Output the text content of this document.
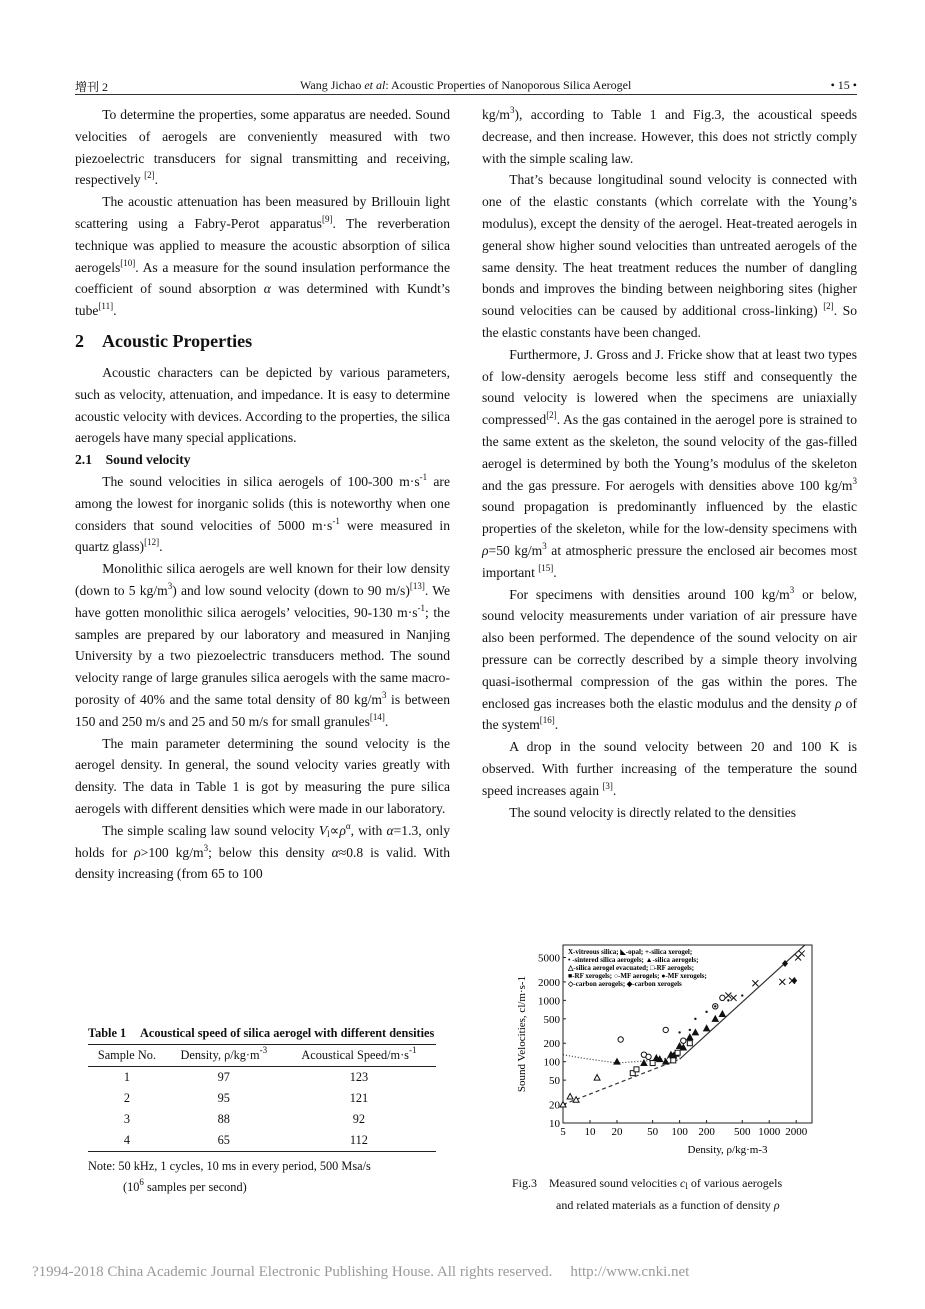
增刊 2	Wang Jichao et al: Acoustic Properties of Nanoporous Silica Aerogel	• 15 •

To determine the properties, some apparatus are needed. Sound velocities of aerogels are conveniently measured with two piezoelectric transducers for signal transmitting and receiving, respectively [2].

The acoustic attenuation has been measured by Brillouin light scattering using a Fabry-Perot apparatus[9]. The reverberation technique was applied to measure the acoustic absorption of silica aerogels[10]. As a measure for the sound insulation performance the coefficient of sound absorption α was determined with Kundt’s tube[11].

2    Acoustic Properties

Acoustic characters can be depicted by various parameters, such as velocity, attenuation, and impedance. It is easy to determine acoustic velocity with devices. According to the properties, the silica aerogels have many special applications.

2.1    Sound velocity

The sound velocities in silica aerogels of 100-300 $m\cdot s^{-1}$ are among the lowest for inorganic solids (this is noteworthy when one considers that sound velocities of 5000 $m\cdot s^{-1}$ were measured in quartz glass)[12].

Monolithic silica aerogels are well known for their low density (down to 5 $kg/m^3$) and low sound velocity (down to 90 m/s)[13]. We have gotten monolithic silica aerogels’ velocities, 90-130 $m\cdot s^{-1}$; the samples are prepared by our laboratory and measured in Nanjing University by a two piezoelectric transducers method. The sound velocity range of large granules silica aerogels with the same macro-porosity of 40% and the same total density of 80 $kg/m^3$ is between 150 and 250 m/s and 25 and 50 m/s for small granules[14].

The main parameter determining the sound velocity is the aerogel density. In general, the sound velocity varies greatly with density. The data in Table 1 is got by measuring the pure silica aerogels with different densities which were made in our laboratory.

The simple scaling law sound velocity $V_l\propto\rho^\alpha$, with α=1.3, only holds for ρ>100 $kg/m^3$; below this density α≈0.8 is valid. With density increasing (from 65 to 100

$kg/m^3$), according to Table 1 and Fig.3, the acoustical speeds decrease, and then increase. However, this does not strictly comply with the simple scaling law.

That’s because longitudinal sound velocity is connected with one of the elastic constants (which correlate with the Young’s modulus), except the density of the aerogel. Heat-treated aerogels in general show higher sound velocities than untreated aerogels of the same density. The heat treatment reduces the number of dangling bonds and improves the binding between neighboring sites (higher sound velocities can be caused by additional cross-linking) [2]. So the elastic constants have been changed.

Furthermore, J. Gross and J. Fricke show that at least two types of low-density aerogels become less stiff and consequently the sound velocity is lowered when the specimens are uniaxially compressed[2]. As the gas contained in the aerogel pore is strained to the same extent as the skeleton, the sound velocity of the gas-filled aerogel is determined by both the Young’s modulus of the skeleton and the gas pressure. For aerogels with densities above 100 $kg/m^3$ sound propagation is predominantly influenced by the elastic properties of the skeleton, while for the low-density specimens with ρ=50 $kg/m^3$ at atmospheric pressure the enclosed air becomes most important [15].

For specimens with densities around 100 $kg/m^3$ or below, sound velocity measurements under variation of air pressure have also been performed. The dependence of the sound velocity on air pressure can be correctly described by a simple theory involving quasi-isothermal compression of the gas within the pores. The enclosed gas increases both the elastic modulus and the density ρ of the system[16].

A drop in the sound velocity between 20 and 100 K is observed. With further increasing of the temperature the sound speed increases again [3].

The sound velocity is directly related to the densities

Table 1	Acoustical speed of silica aerogel with different densities
Sample No.	Density, $\rho/kg\cdot m^{-3}$	Acoustical Speed/$m\cdot s^{-1}$
1	97	123
2	95	121
3	88	92
4	65	112
Note: 50 kHz, 1 cycles, 10 ms in every period, 500 Msa/s
($10^6$ samples per second)
5 10 20 50 100 200 500 1000 2000
10
20
50
100
200
500
1000
2000
5000
Density, ρ/kg·m-3
Sound Velocities, cl/m·s-1
X-vitreous silica; ◣-opal; +-silica xerogel;
• -sintered silica aerogels; ▲-silica aerogels;
△-silica aerogel evacuated; □-RF aerogels;
■-RF xerogels; ○-MF aerogels; ●-MF xerogels;
◇-carbon aerogels; ◆-carbon xerogels
Fig.3 Measured sound velocities $c_l$ of various aerogels
and related materials as a function of density ρ
?1994-2018 China Academic Journal Electronic Publishing House. All rights reserved. http://www.cnki.net
